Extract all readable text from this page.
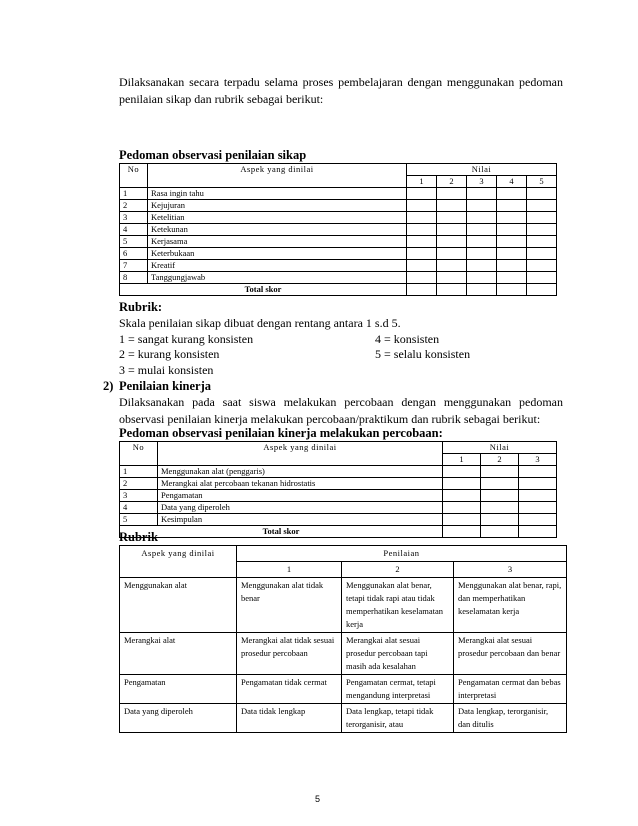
Dilaksanakan secara terpadu selama proses pembelajaran dengan menggunakan pedoman penilaian sikap dan rubrik sebagai berikut:
Pedoman observasi penilaian sikap
No	Aspek yang dinilai	Nilai				
		1	2	3	4	5
1	Rasa ingin tahu					
2	Kejujuran					
3	Ketelitian					
4	Ketekunan					
5	Kerjasama					
6	Keterbukaan					
7	Kreatif					
8	Tanggungjawab					
Total skor						
Rubrik:
Skala penilaian sikap dibuat dengan rentang antara 1 s.d 5.
1 = sangat kurang konsisten	4 = konsisten
2 = kurang konsisten	5 = selalu konsisten
3 = mulai konsisten
2) Penilaian kinerja
Dilaksanakan pada saat siswa melakukan percobaan dengan menggunakan pedoman observasi penilaian kinerja melakukan percobaan/praktikum dan rubrik sebagai berikut:
Pedoman observasi penilaian kinerja melakukan percobaan:
No	Aspek yang dinilai	Nilai		
		1	2	3
1	Menggunakan alat (penggaris)			
2	Merangkai alat percobaan tekanan hidrostatis			
3	Pengamatan			
4	Data yang diperoleh			
5	Kesimpulan			
Total skor				
Rubrik
Aspek yang dinilai	Penilaian		
	1	2	3
Menggunakan alat	Menggunakan alat tidak benar	Menggunakan alat benar, tetapi tidak rapi atau tidak memperhatikan keselamatan kerja	Menggunakan alat benar, rapi, dan memperhatikan keselamatan kerja
Merangkai alat	Merangkai alat tidak sesuai prosedur percobaan	Merangkai alat sesuai prosedur percobaan tapi masih ada kesalahan	Merangkai alat sesuai prosedur percobaan dan benar
Pengamatan	Pengamatan tidak cermat	Pengamatan cermat, tetapi mengandung interpretasi	Pengamatan cermat dan bebas interpretasi
Data yang diperoleh	Data tidak lengkap	Data lengkap, tetapi tidak terorganisir, atau	Data lengkap, terorganisir, dan ditulis
5
